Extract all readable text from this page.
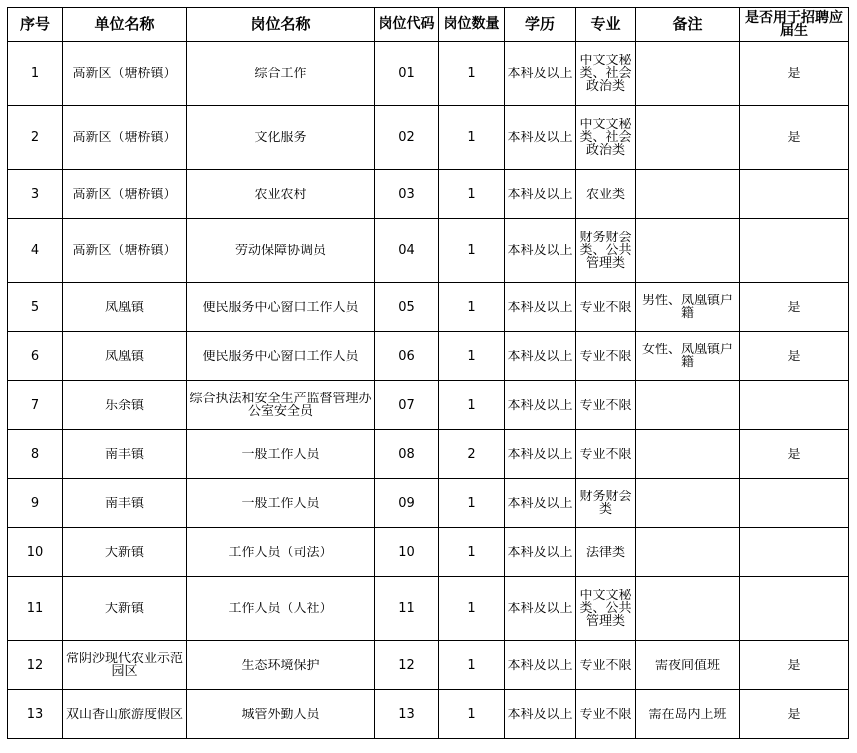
序号	单位名称	岗位名称	岗位代码	岗位数量	学历	专业	备注	是否用于招聘应届生

1	高新区（塘桥镇）	综合工作	01	1	本科及以上	中文文秘类、社会政治类		是

2	高新区（塘桥镇）	文化服务	02	1	本科及以上	中文文秘类、社会政治类		是

3	高新区（塘桥镇）	农业农村	03	1	本科及以上	农业类		

4	高新区（塘桥镇）	劳动保障协调员	04	1	本科及以上	财务财会类、公共管理类		

5	凤凰镇	便民服务中心窗口工作人员	05	1	本科及以上	专业不限	男性、凤凰镇户籍	是

6	凤凰镇	便民服务中心窗口工作人员	06	1	本科及以上	专业不限	女性、凤凰镇户籍	是

7	乐余镇	综合执法和安全生产监督管理办公室安全员	07	1	本科及以上	专业不限		

8	南丰镇	一般工作人员	08	2	本科及以上	专业不限		是

9	南丰镇	一般工作人员	09	1	本科及以上	财务财会类		

10	大新镇	工作人员（司法）	10	1	本科及以上	法律类		

11	大新镇	工作人员（人社）	11	1	本科及以上	中文文秘类、公共管理类		

12	常阴沙现代农业示范园区	生态环境保护	12	1	本科及以上	专业不限	需夜间值班	是

13	双山香山旅游度假区	城管外勤人员	13	1	本科及以上	专业不限	需在岛内上班	是
